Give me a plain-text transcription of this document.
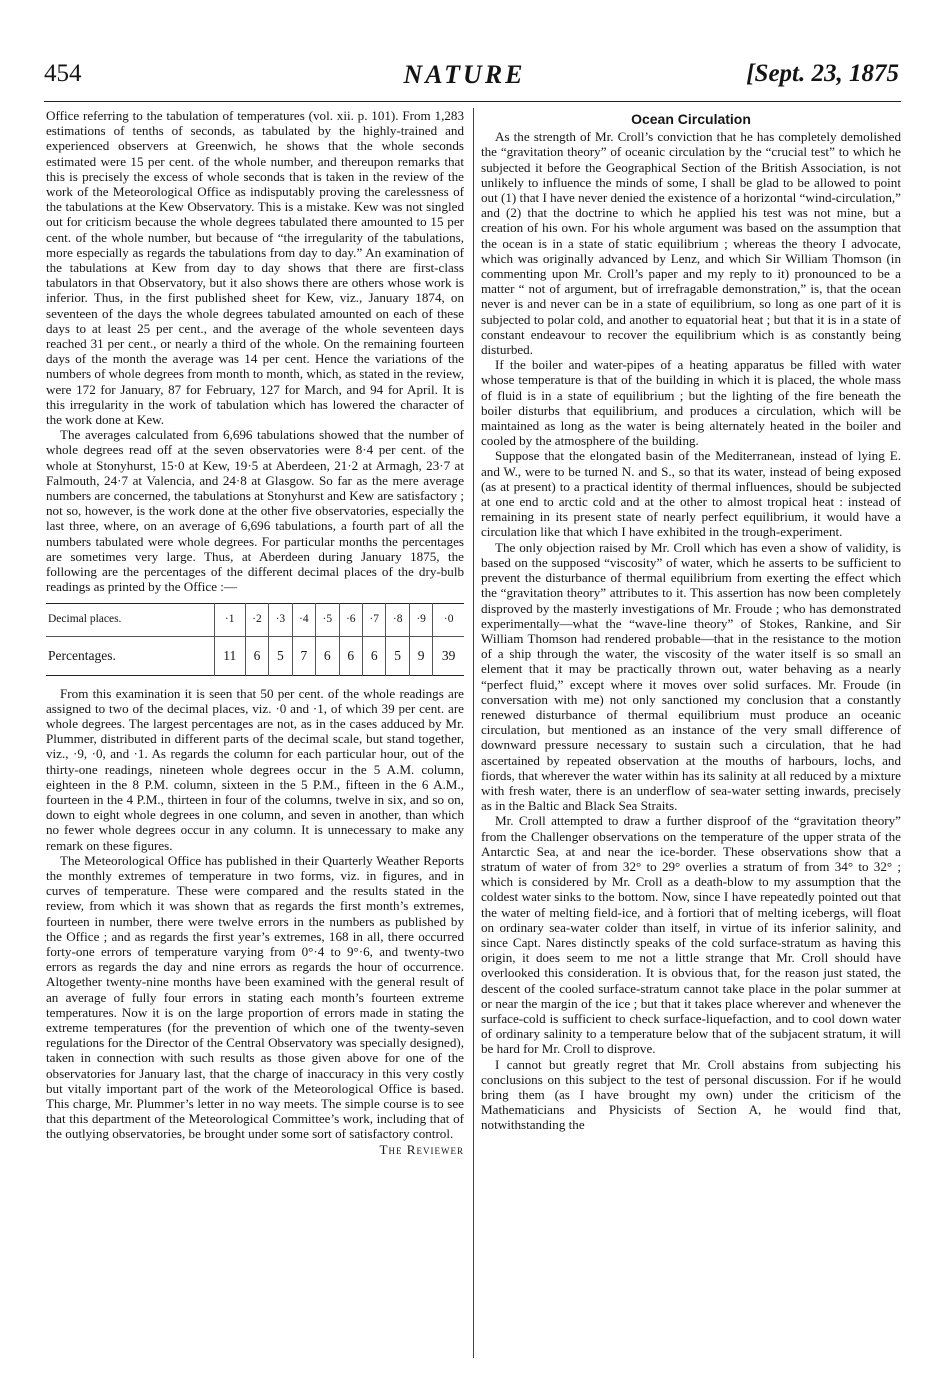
454	NATURE	[Sept. 23, 1875

Office referring to the tabulation of temperatures (vol. xii. p. 101). From 1,283 estimations of tenths of seconds, as tabulated by the highly-trained and experienced observers at Greenwich, he shows that the whole seconds estimated were 15 per cent. of the whole number, and thereupon remarks that this is precisely the excess of whole seconds that is taken in the review of the work of the Meteorological Office as indisputably proving the carelessness of the tabulations at the Kew Observatory. This is a mistake. Kew was not singled out for criticism because the whole degrees tabulated there amounted to 15 per cent. of the whole number, but because of “the irregularity of the tabulations, more especially as regards the tabulations from day to day.” An examination of the tabulations at Kew from day to day shows that there are first-class tabulators in that Observatory, but it also shows there are others whose work is inferior. Thus, in the first published sheet for Kew, viz., January 1874, on seventeen of the days the whole degrees tabulated amounted on each of these days to at least 25 per cent., and the average of the whole seventeen days reached 31 per cent., or nearly a third of the whole. On the remaining fourteen days of the month the average was 14 per cent. Hence the variations of the numbers of whole degrees from month to month, which, as stated in the review, were 172 for January, 87 for February, 127 for March, and 94 for April. It is this irregularity in the work of tabulation which has lowered the character of the work done at Kew.

The averages calculated from 6,696 tabulations showed that the number of whole degrees read off at the seven observatories were 8·4 per cent. of the whole at Stonyhurst, 15·0 at Kew, 19·5 at Aberdeen, 21·2 at Armagh, 23·7 at Falmouth, 24·7 at Valencia, and 24·8 at Glasgow. So far as the mere average numbers are concerned, the tabulations at Stonyhurst and Kew are satisfactory ; not so, however, is the work done at the other five observatories, especially the last three, where, on an average of 6,696 tabulations, a fourth part of all the numbers tabulated were whole degrees. For particular months the percentages are sometimes very large. Thus, at Aberdeen during January 1875, the following are the percentages of the different decimal places of the dry-bulb readings as printed by the Office :—

Decimal places.	·1	·2	·3	·4	·5	·6	·7	·8	·9	·0
Percentages.	11	6	5	7	6	6	6	5	9	39

From this examination it is seen that 50 per cent. of the whole readings are assigned to two of the decimal places, viz. ·0 and ·1, of which 39 per cent. are whole degrees. The largest percentages are not, as in the cases adduced by Mr. Plummer, distributed in different parts of the decimal scale, but stand together, viz., ·9, ·0, and ·1. As regards the column for each particular hour, out of the thirty-one readings, nineteen whole degrees occur in the 5 A.M. column, eighteen in the 8 P.M. column, sixteen in the 5 P.M., fifteen in the 6 A.M., fourteen in the 4 P.M., thirteen in four of the columns, twelve in six, and so on, down to eight whole degrees in one column, and seven in another, than which no fewer whole degrees occur in any column. It is unnecessary to make any remark on these figures.

The Meteorological Office has published in their Quarterly Weather Reports the monthly extremes of temperature in two forms, viz. in figures, and in curves of temperature. These were compared and the results stated in the review, from which it was shown that as regards the first month’s extremes, fourteen in number, there were twelve errors in the numbers as published by the Office ; and as regards the first year’s extremes, 168 in all, there occurred forty-one errors of temperature varying from 0°·4 to 9°·6, and twenty-two errors as regards the day and nine errors as regards the hour of occurrence. Altogether twenty-nine months have been examined with the general result of an average of fully four errors in stating each month’s fourteen extreme temperatures. Now it is on the large proportion of errors made in stating the extreme temperatures (for the prevention of which one of the twenty-seven regulations for the Director of the Central Observatory was specially designed), taken in connection with such results as those given above for one of the observatories for January last, that the charge of inaccuracy in this very costly but vitally important part of the work of the Meteorological Office is based. This charge, Mr. Plummer’s letter in no way meets. The simple course is to see that this department of the Meteorological Committee’s work, including that of the outlying observatories, be brought under some sort of satisfactory control.
The Reviewer

Ocean Circulation

As the strength of Mr. Croll’s conviction that he has completely demolished the “gravitation theory” of oceanic circulation by the “crucial test” to which he subjected it before the Geographical Section of the British Association, is not unlikely to influence the minds of some, I shall be glad to be allowed to point out (1) that I have never denied the existence of a horizontal “wind-circulation,” and (2) that the doctrine to which he applied his test was not mine, but a creation of his own. For his whole argument was based on the assumption that the ocean is in a state of static equilibrium ; whereas the theory I advocate, which was originally advanced by Lenz, and which Sir William Thomson (in commenting upon Mr. Croll’s paper and my reply to it) pronounced to be a matter “ not of argument, but of irrefragable demonstration,” is, that the ocean never is and never can be in a state of equilibrium, so long as one part of it is subjected to polar cold, and another to equatorial heat ; but that it is in a state of constant endeavour to recover the equilibrium which is as constantly being disturbed.

If the boiler and water-pipes of a heating apparatus be filled with water whose temperature is that of the building in which it is placed, the whole mass of fluid is in a state of equilibrium ; but the lighting of the fire beneath the boiler disturbs that equilibrium, and produces a circulation, which will be maintained as long as the water is being alternately heated in the boiler and cooled by the atmosphere of the building.

Suppose that the elongated basin of the Mediterranean, instead of lying E. and W., were to be turned N. and S., so that its water, instead of being exposed (as at present) to a practical identity of thermal influences, should be subjected at one end to arctic cold and at the other to almost tropical heat : instead of remaining in its present state of nearly perfect equilibrium, it would have a circulation like that which I have exhibited in the trough-experiment.

The only objection raised by Mr. Croll which has even a show of validity, is based on the supposed “viscosity” of water, which he asserts to be sufficient to prevent the disturbance of thermal equilibrium from exerting the effect which the “gravitation theory” attributes to it. This assertion has now been completely disproved by the masterly investigations of Mr. Froude ; who has demonstrated experimentally—what the “wave-line theory” of Stokes, Rankine, and Sir William Thomson had rendered probable—that in the resistance to the motion of a ship through the water, the viscosity of the water itself is so small an element that it may be practically thrown out, water behaving as a nearly “perfect fluid,” except where it moves over solid surfaces. Mr. Froude (in conversation with me) not only sanctioned my conclusion that a constantly renewed disturbance of thermal equilibrium must produce an oceanic circulation, but mentioned as an instance of the very small difference of downward pressure necessary to sustain such a circulation, that he had ascertained by repeated observation at the mouths of harbours, lochs, and fiords, that wherever the water within has its salinity at all reduced by a mixture with fresh water, there is an underflow of sea-water setting inwards, precisely as in the Baltic and Black Sea Straits.

Mr. Croll attempted to draw a further disproof of the “gravitation theory” from the Challenger observations on the temperature of the upper strata of the Antarctic Sea, at and near the ice-border. These observations show that a stratum of water of from 32° to 29° overlies a stratum of from 34° to 32° ; which is considered by Mr. Croll as a death-blow to my assumption that the coldest water sinks to the bottom. Now, since I have repeatedly pointed out that the water of melting field-ice, and à fortiori that of melting icebergs, will float on ordinary sea-water colder than itself, in virtue of its inferior salinity, and since Capt. Nares distinctly speaks of the cold surface-stratum as having this origin, it does seem to me not a little strange that Mr. Croll should have overlooked this consideration. It is obvious that, for the reason just stated, the descent of the cooled surface-stratum cannot take place in the polar summer at or near the margin of the ice ; but that it takes place wherever and whenever the surface-cold is sufficient to check surface-liquefaction, and to cool down water of ordinary salinity to a temperature below that of the subjacent stratum, it will be hard for Mr. Croll to disprove.

I cannot but greatly regret that Mr. Croll abstains from subjecting his conclusions on this subject to the test of personal discussion. For if he would bring them (as I have brought my own) under the criticism of the Mathematicians and Physicists of Section A, he would find that, notwithstanding the
